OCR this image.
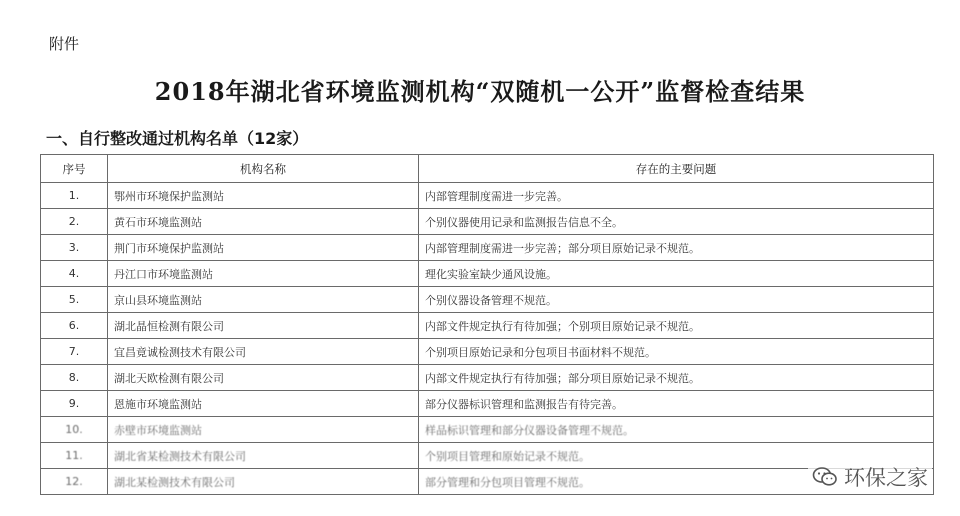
附件
2018年湖北省环境监测机构“双随机一公开”监督检查结果
一、自行整改通过机构名单（12家）
序号	机构名称	存在的主要问题
1.	鄂州市环境保护监测站	内部管理制度需进一步完善。
2.	黄石市环境监测站	个别仪器使用记录和监测报告信息不全。
3.	荆门市环境保护监测站	内部管理制度需进一步完善；部分项目原始记录不规范。
4.	丹江口市环境监测站	理化实验室缺少通风设施。
5.	京山县环境监测站	个别仪器设备管理不规范。
6.	湖北晶恒检测有限公司	内部文件规定执行有待加强；个别项目原始记录不规范。
7.	宜昌竟诚检测技术有限公司	个别项目原始记录和分包项目书面材料不规范。
8.	湖北天欧检测有限公司	内部文件规定执行有待加强；部分项目原始记录不规范。
9.	恩施市环境监测站	部分仪器标识管理和监测报告有待完善。
10.	赤壁市环境监测站	样品标识管理和部分仪器设备管理不规范。
11.	湖北省某检测技术有限公司	个别项目管理和原始记录不规范。
12.	湖北某检测技术有限公司	部分管理和分包项目管理不规范。	环保之家
